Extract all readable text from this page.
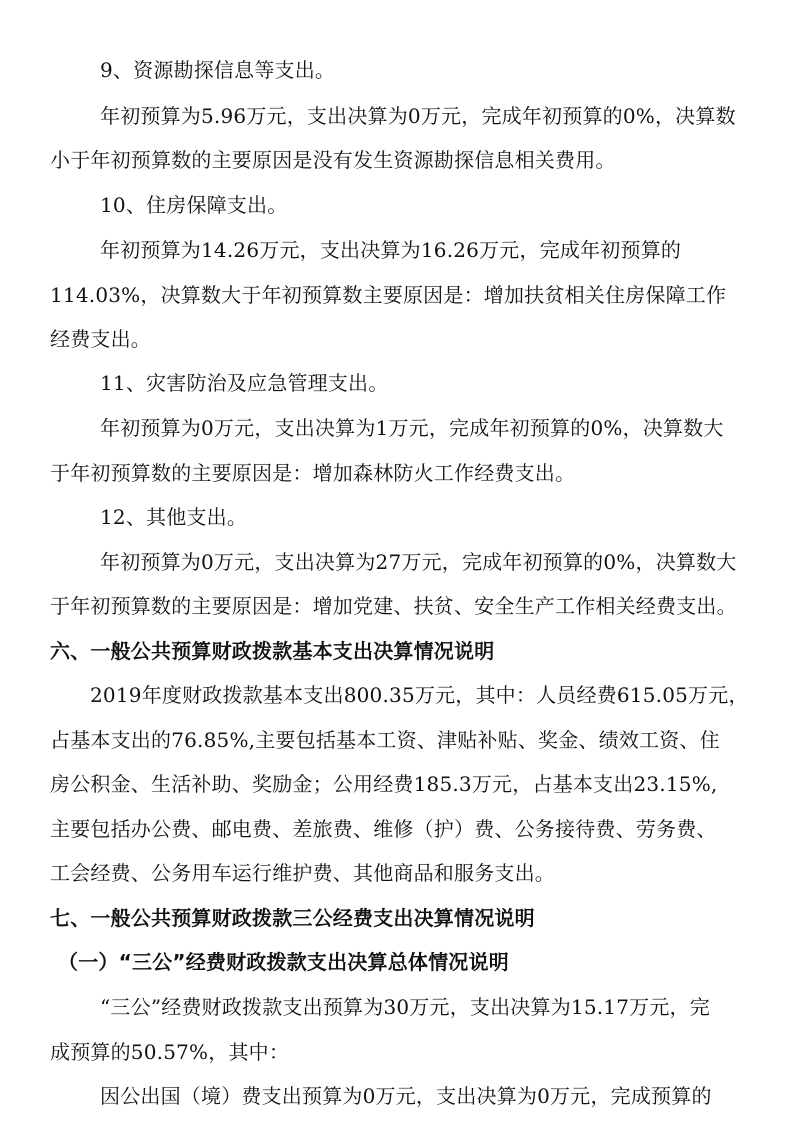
9、资源勘探信息等支出。
年初预算为5.96万元，支出决算为0万元，完成年初预算的0%，决算数
小于年初预算数的主要原因是没有发生资源勘探信息相关费用。
10、住房保障支出。
年初预算为14.26万元，支出决算为16.26万元，完成年初预算的
114.03%，决算数大于年初预算数主要原因是：增加扶贫相关住房保障工作
经费支出。
11、灾害防治及应急管理支出。
年初预算为0万元，支出决算为1万元，完成年初预算的0%，决算数大
于年初预算数的主要原因是：增加森林防火工作经费支出。
12、其他支出。
年初预算为0万元，支出决算为27万元，完成年初预算的0%，决算数大
于年初预算数的主要原因是：增加党建、扶贫、安全生产工作相关经费支出。
六、一般公共预算财政拨款基本支出决算情况说明
2019年度财政拨款基本支出800.35万元，其中：人员经费615.05万元，
占基本支出的76.85%,主要包括基本工资、津贴补贴、奖金、绩效工资、住
房公积金、生活补助、奖励金；公用经费185.3万元，占基本支出23.15%,
主要包括办公费、邮电费、差旅费、维修（护）费、公务接待费、劳务费、
工会经费、公务用车运行维护费、其他商品和服务支出。
七、一般公共预算财政拨款三公经费支出决算情况说明
（一）“三公”经费财政拨款支出决算总体情况说明
“三公”经费财政拨款支出预算为30万元，支出决算为15.17万元，完
成预算的50.57%，其中：
因公出国（境）费支出预算为0万元，支出决算为0万元，完成预算的
